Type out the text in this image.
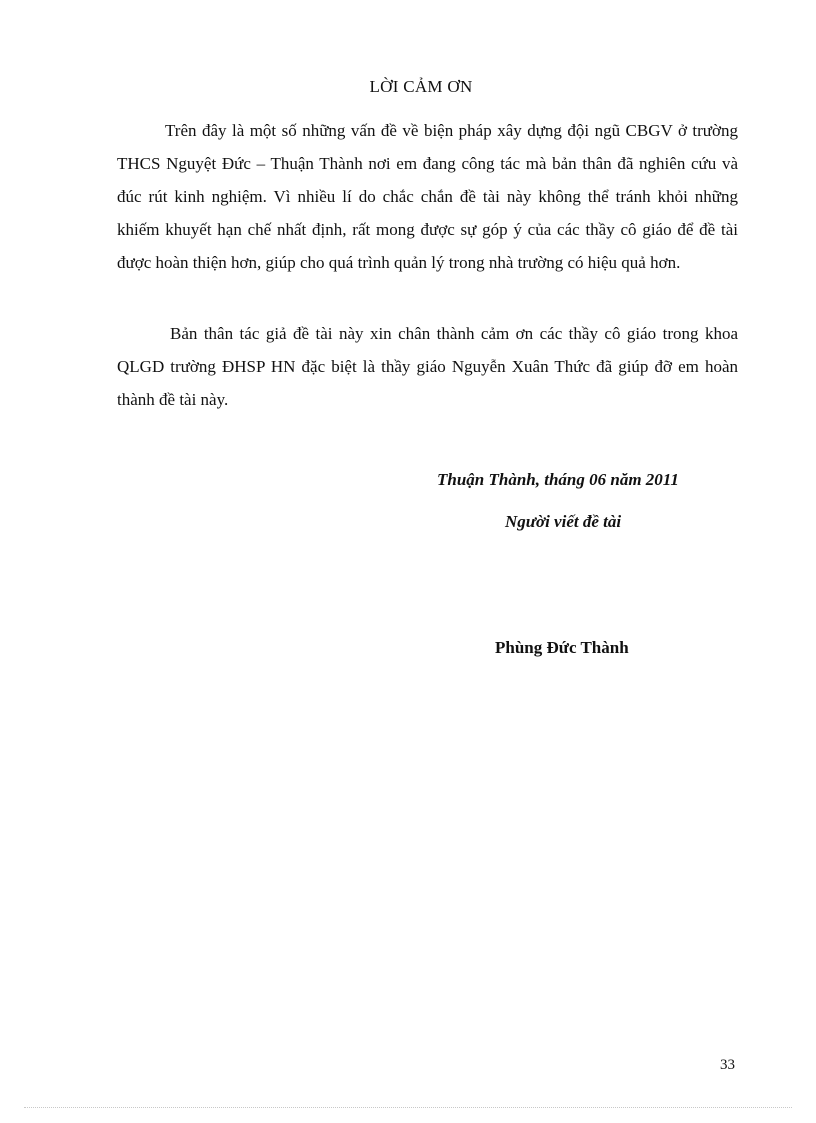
LỜI CẢM ƠN

Trên đây là một số những vấn đề về biện pháp xây dựng đội ngũ CBGV ở trường THCS Nguyệt Đức – Thuận Thành nơi em đang công tác mà bản thân đã nghiên cứu và đúc rút kinh nghiệm. Vì nhiều lí do chắc chắn đề tài này không thể tránh khỏi những khiếm khuyết hạn chế nhất định, rất mong được sự góp ý của các thầy cô giáo để đề tài được hoàn thiện hơn, giúp cho quá trình quản lý trong nhà trường có hiệu quả hơn.

Bản thân tác giả đề tài này xin chân thành cảm ơn các thầy cô giáo trong khoa QLGD trường ĐHSP HN đặc biệt là thầy giáo Nguyễn Xuân Thức đã giúp đỡ em hoàn thành đề tài này.

Thuận Thành, tháng 06 năm 2011
Người viết đề tài
Phùng Đức Thành
33
